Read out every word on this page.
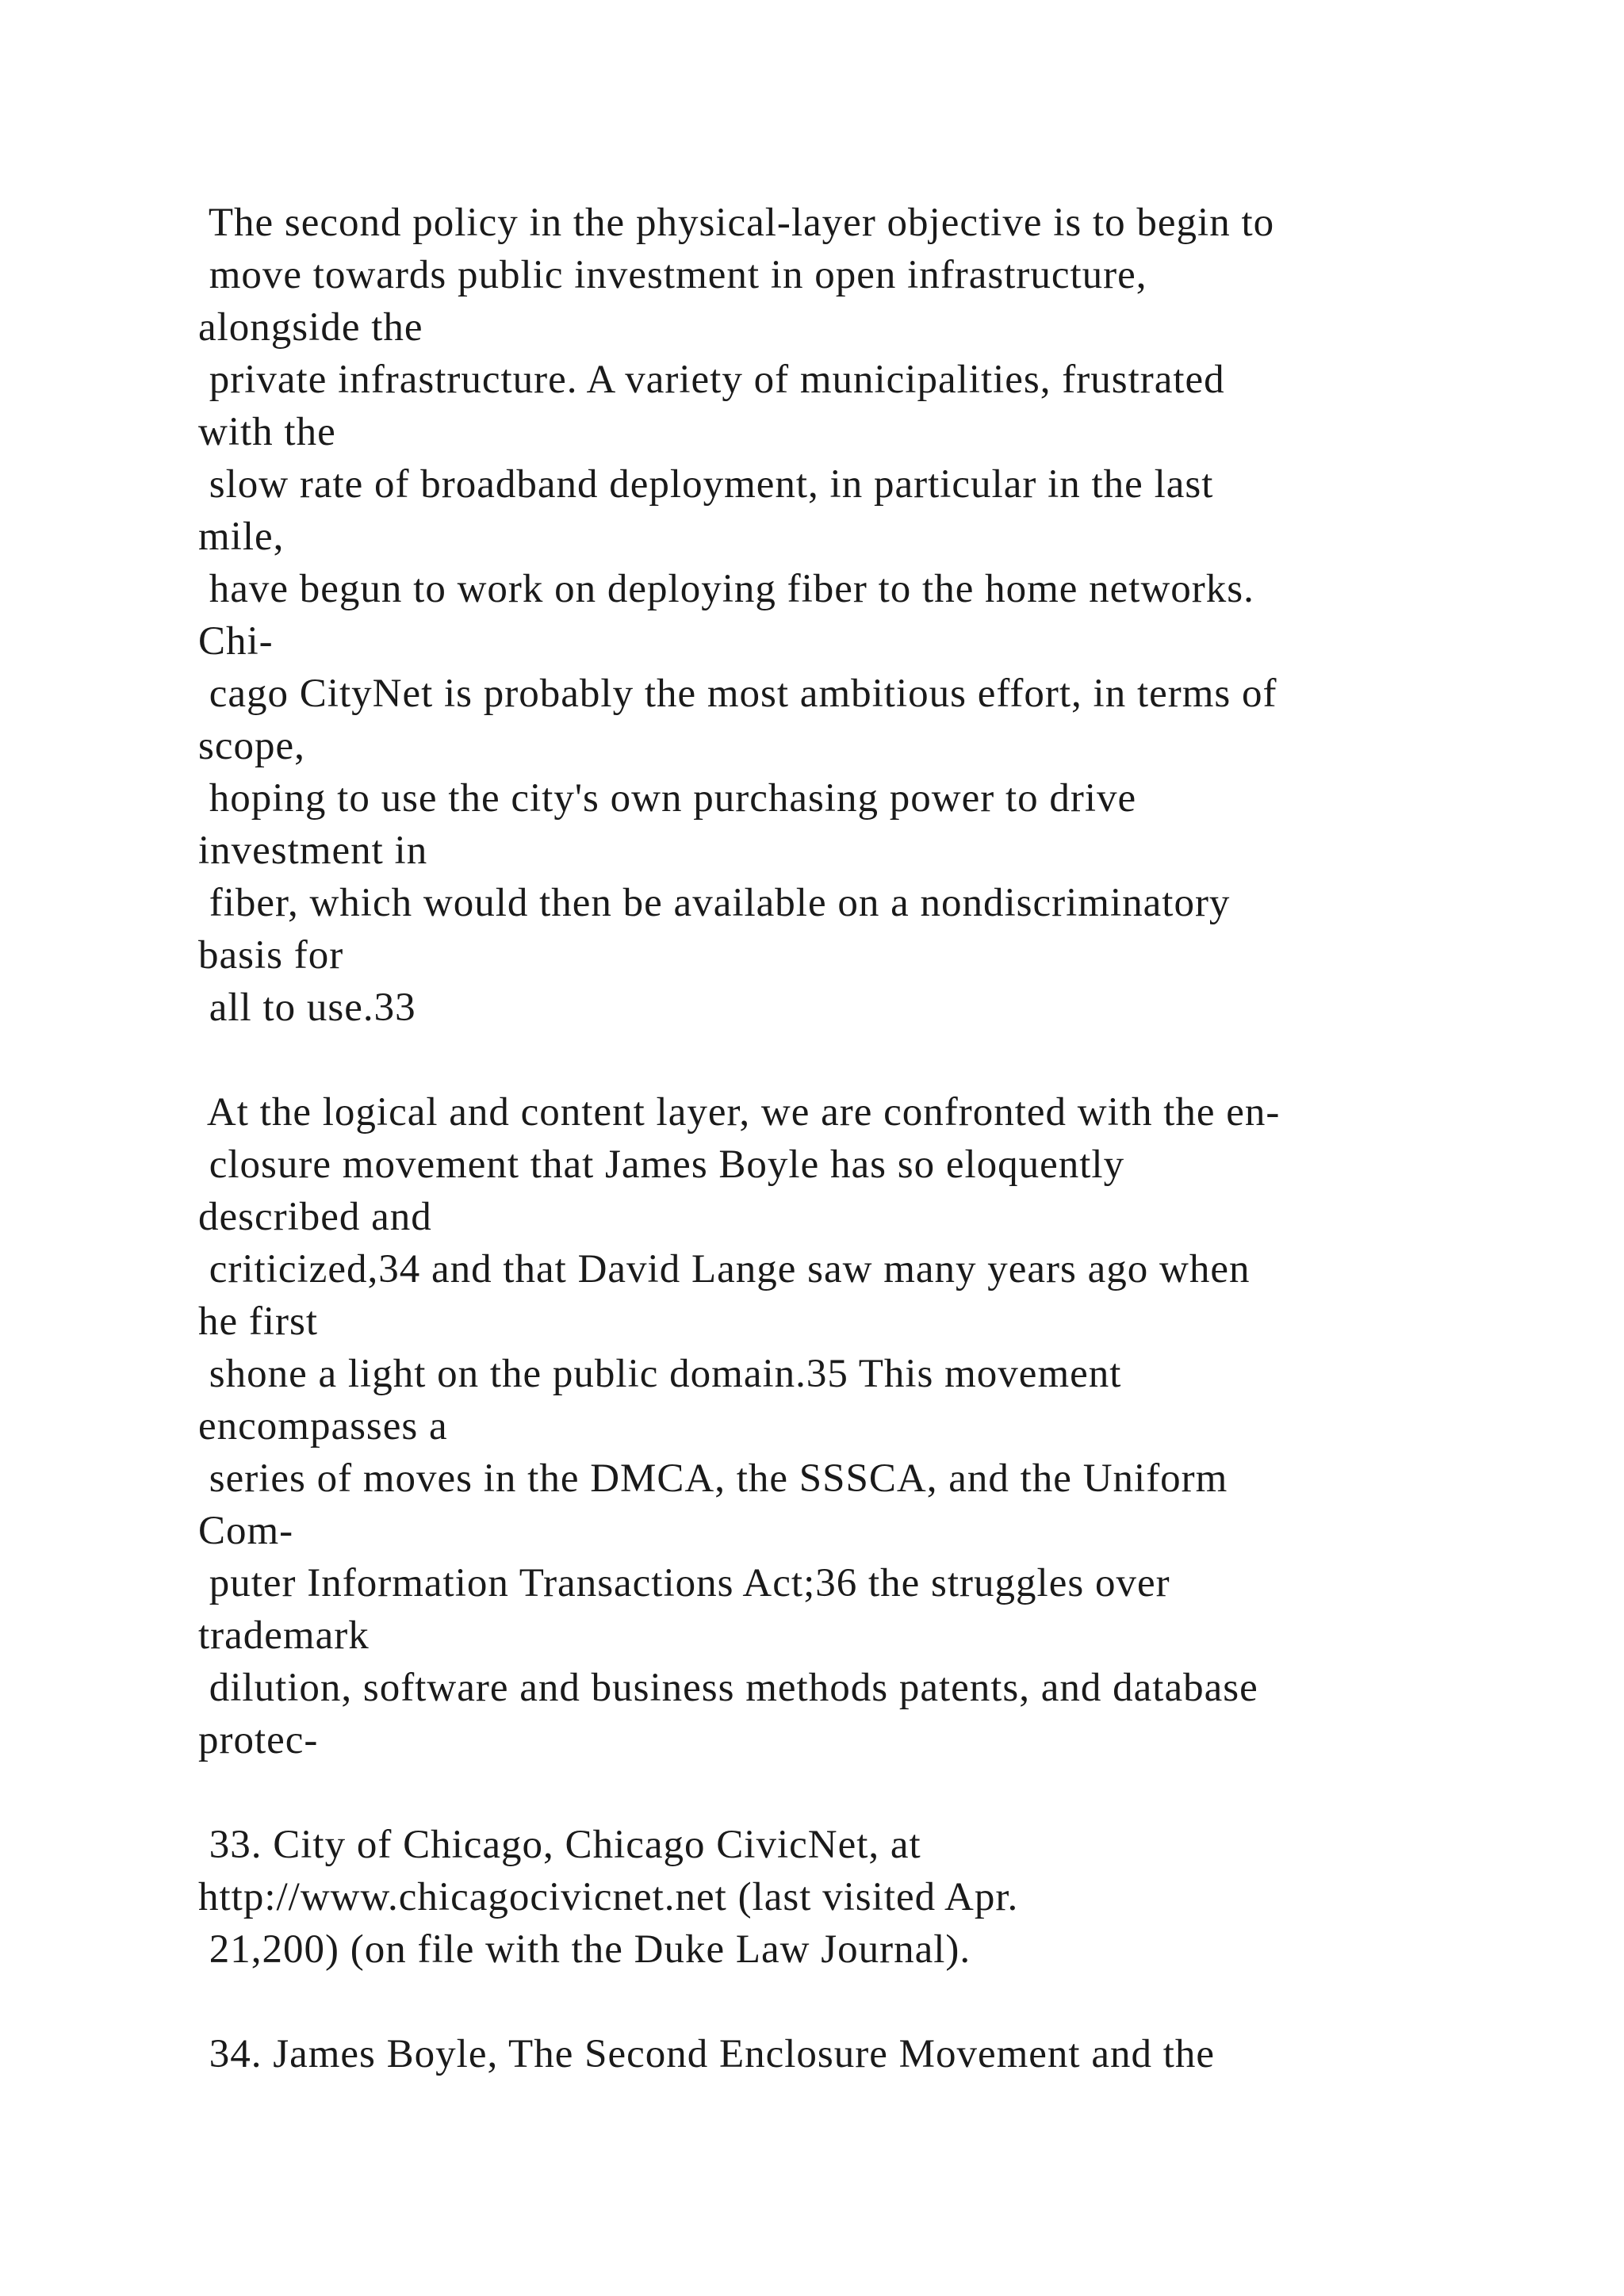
The second policy in the physical-layer objective is to begin to

move towards public investment in open infrastructure,

alongside the

private infrastructure. A variety of municipalities, frustrated

with the

slow rate of broadband deployment, in particular in the last

mile,

have begun to work on deploying fiber to the home networks.

Chi-

cago CityNet is probably the most ambitious effort, in terms of

scope,

hoping to use the city's own purchasing power to drive

investment in

fiber, which would then be available on a nondiscriminatory

basis for

all to use.33

At the logical and content layer, we are confronted with the en-

closure movement that James Boyle has so eloquently

described and

criticized,34 and that David Lange saw many years ago when

he first

shone a light on the public domain.35 This movement

encompasses a

series of moves in the DMCA, the SSSCA, and the Uniform

Com-

puter Information Transactions Act;36 the struggles over

trademark

dilution, software and business methods patents, and database

protec-

33. City of Chicago, Chicago CivicNet, at

http://www.chicagocivicnet.net (last visited Apr.

21,200) (on file with the Duke Law Journal).

34. James Boyle, The Second Enclosure Movement and the
